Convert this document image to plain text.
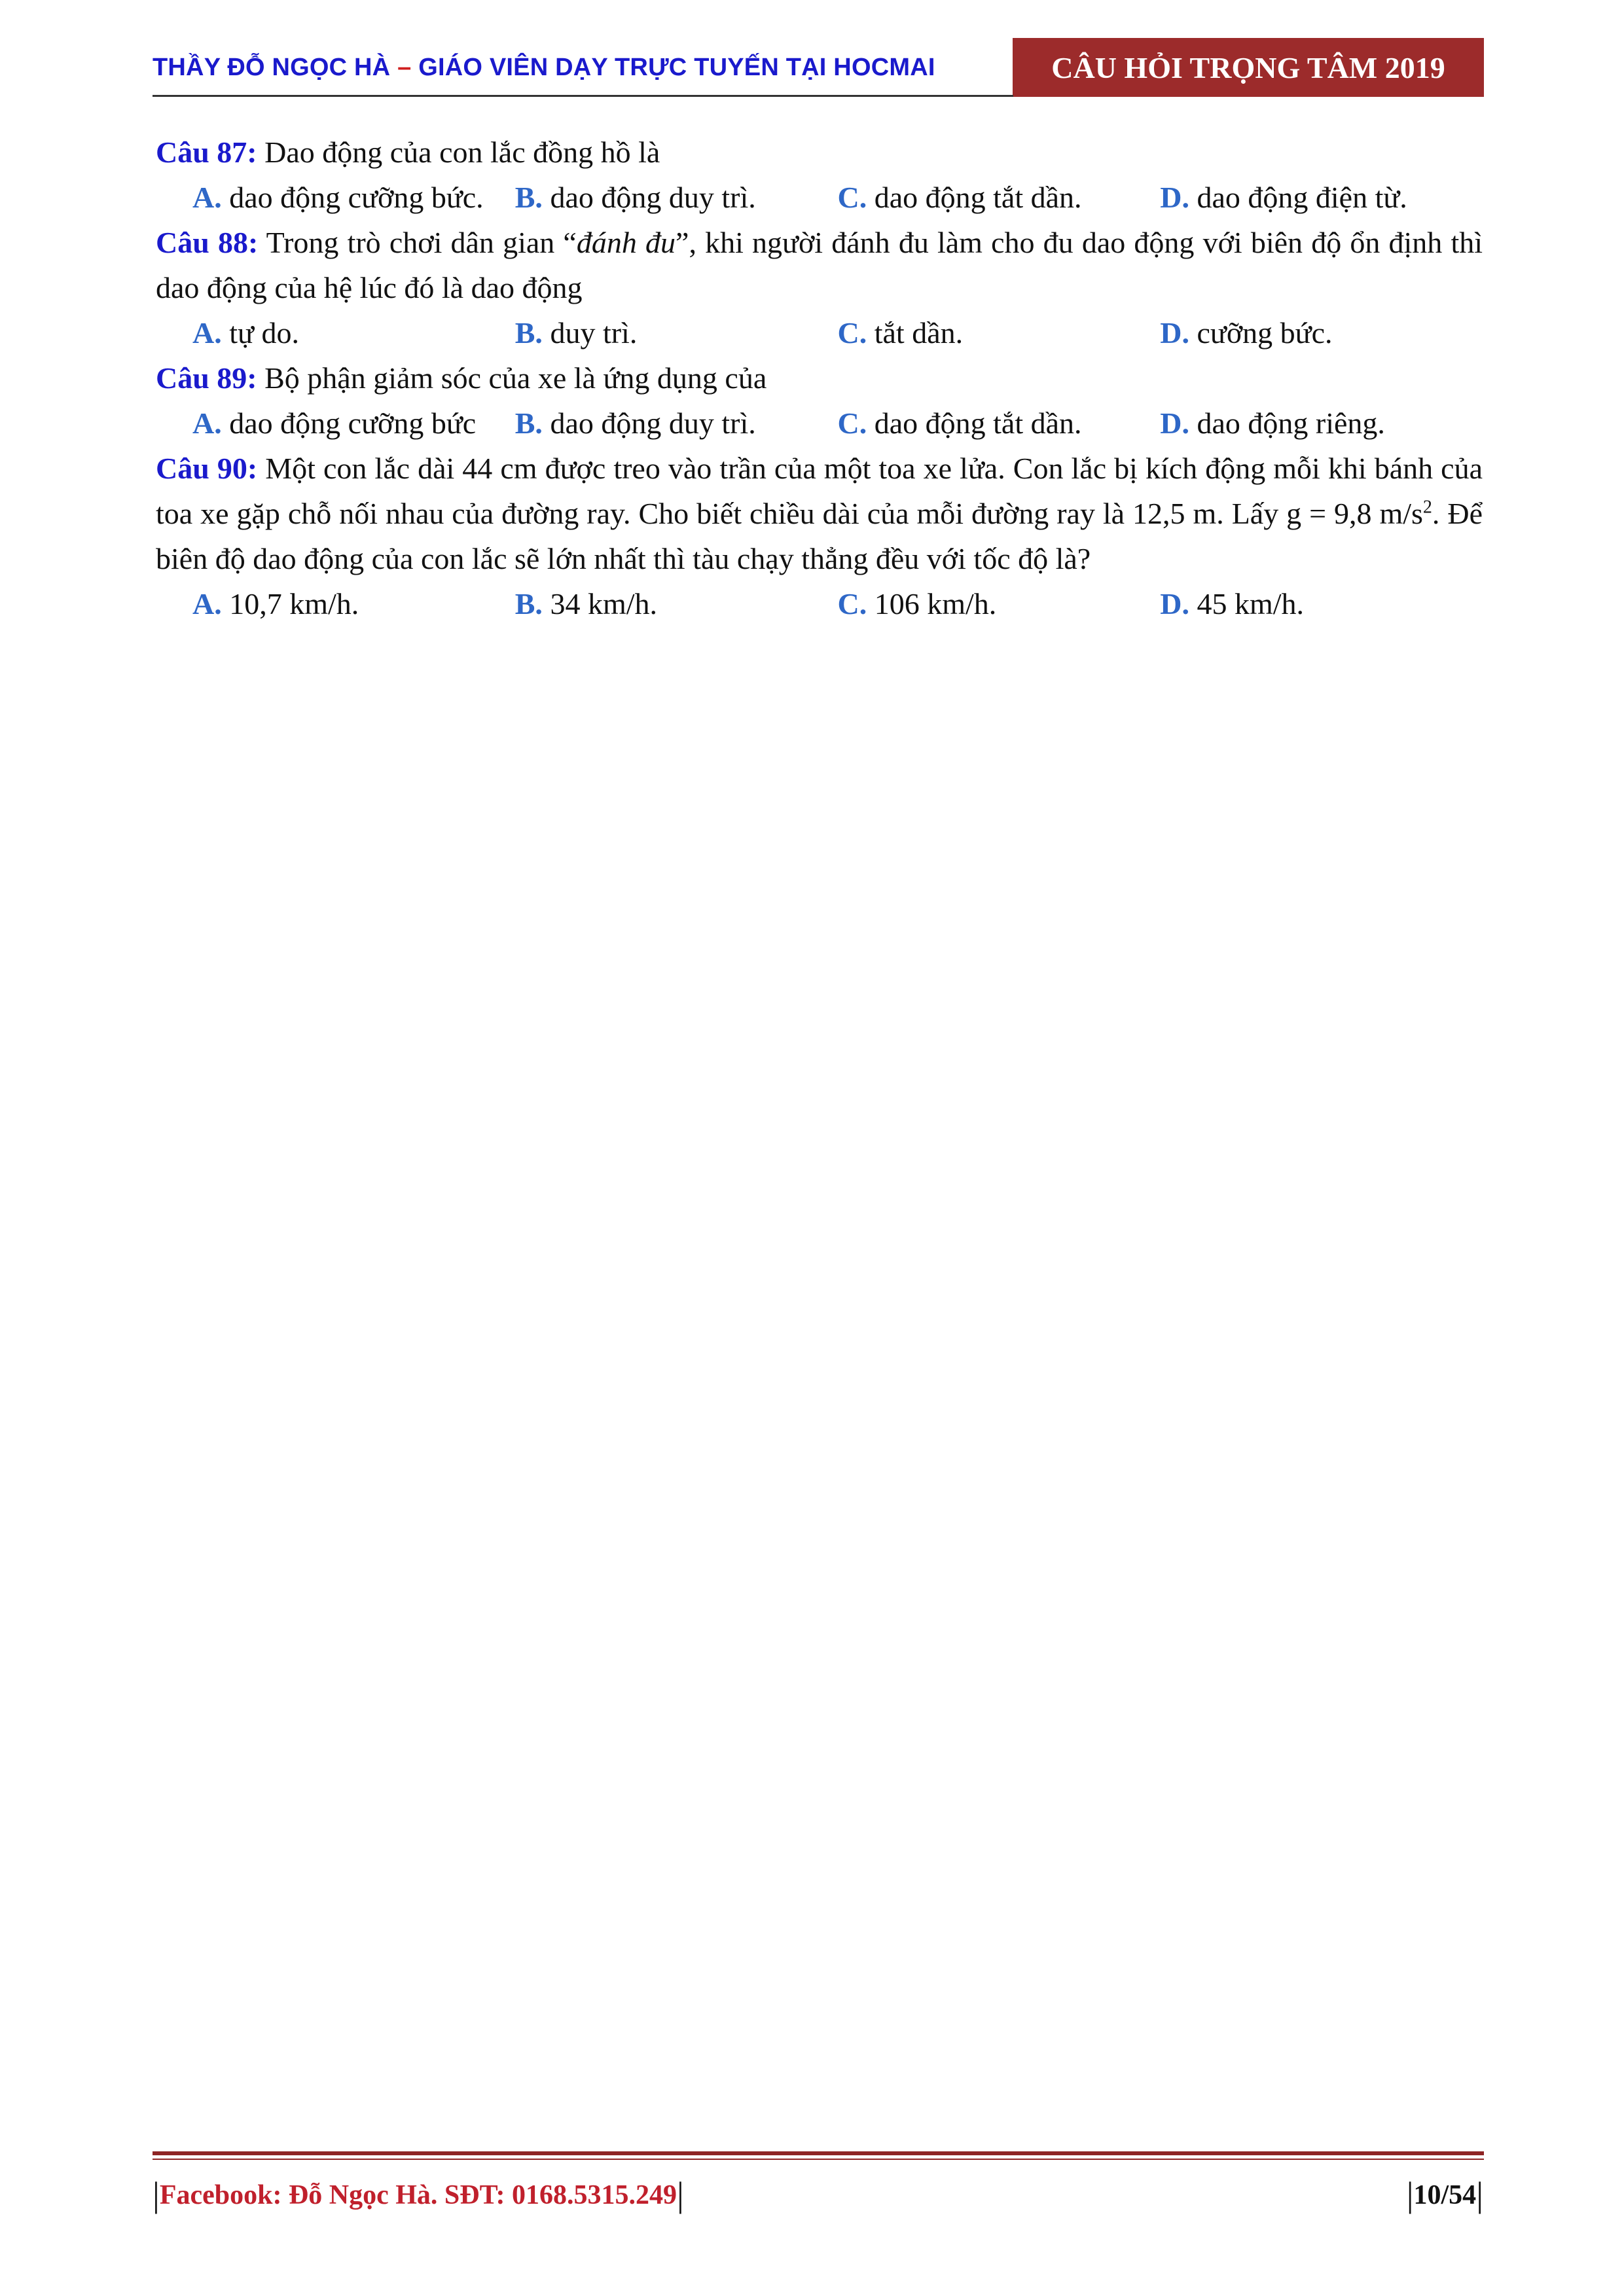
THẦY ĐỖ NGỌC HÀ – GIÁO VIÊN DẠY TRỰC TUYẾN TẠI HOCMAI	CÂU HỎI TRỌNG TÂM 2019

Câu 87: Dao động của con lắc đồng hồ là

A. dao động cưỡng bức.	B. dao động duy trì.	C. dao động tắt dần.	D. dao động điện từ.

Câu 88: Trong trò chơi dân gian “đánh đu”, khi người đánh đu làm cho đu dao động với biên độ ổn định thì dao động của hệ lúc đó là dao động

A. tự do.	B. duy trì.	C. tắt dần.	D. cưỡng bức.

Câu 89: Bộ phận giảm sóc của xe là ứng dụng của

A. dao động cưỡng bức	B. dao động duy trì.	C. dao động tắt dần.	D. dao động riêng.

Câu 90: Một con lắc dài 44 cm được treo vào trần của một toa xe lửa. Con lắc bị kích động mỗi khi bánh của toa xe gặp chỗ nối nhau của đường ray. Cho biết chiều dài của mỗi đường ray là 12,5 m. Lấy g = 9,8 $m/s^2$. Để biên độ dao động của con lắc sẽ lớn nhất thì tàu chạy thẳng đều với tốc độ là?

A. 10,7 km/h.	B. 34 km/h.	C. 106 km/h.	D. 45 km/h.
|Facebook: Đỗ Ngọc Hà. SĐT: 0168.5315.249|	|10/54|
